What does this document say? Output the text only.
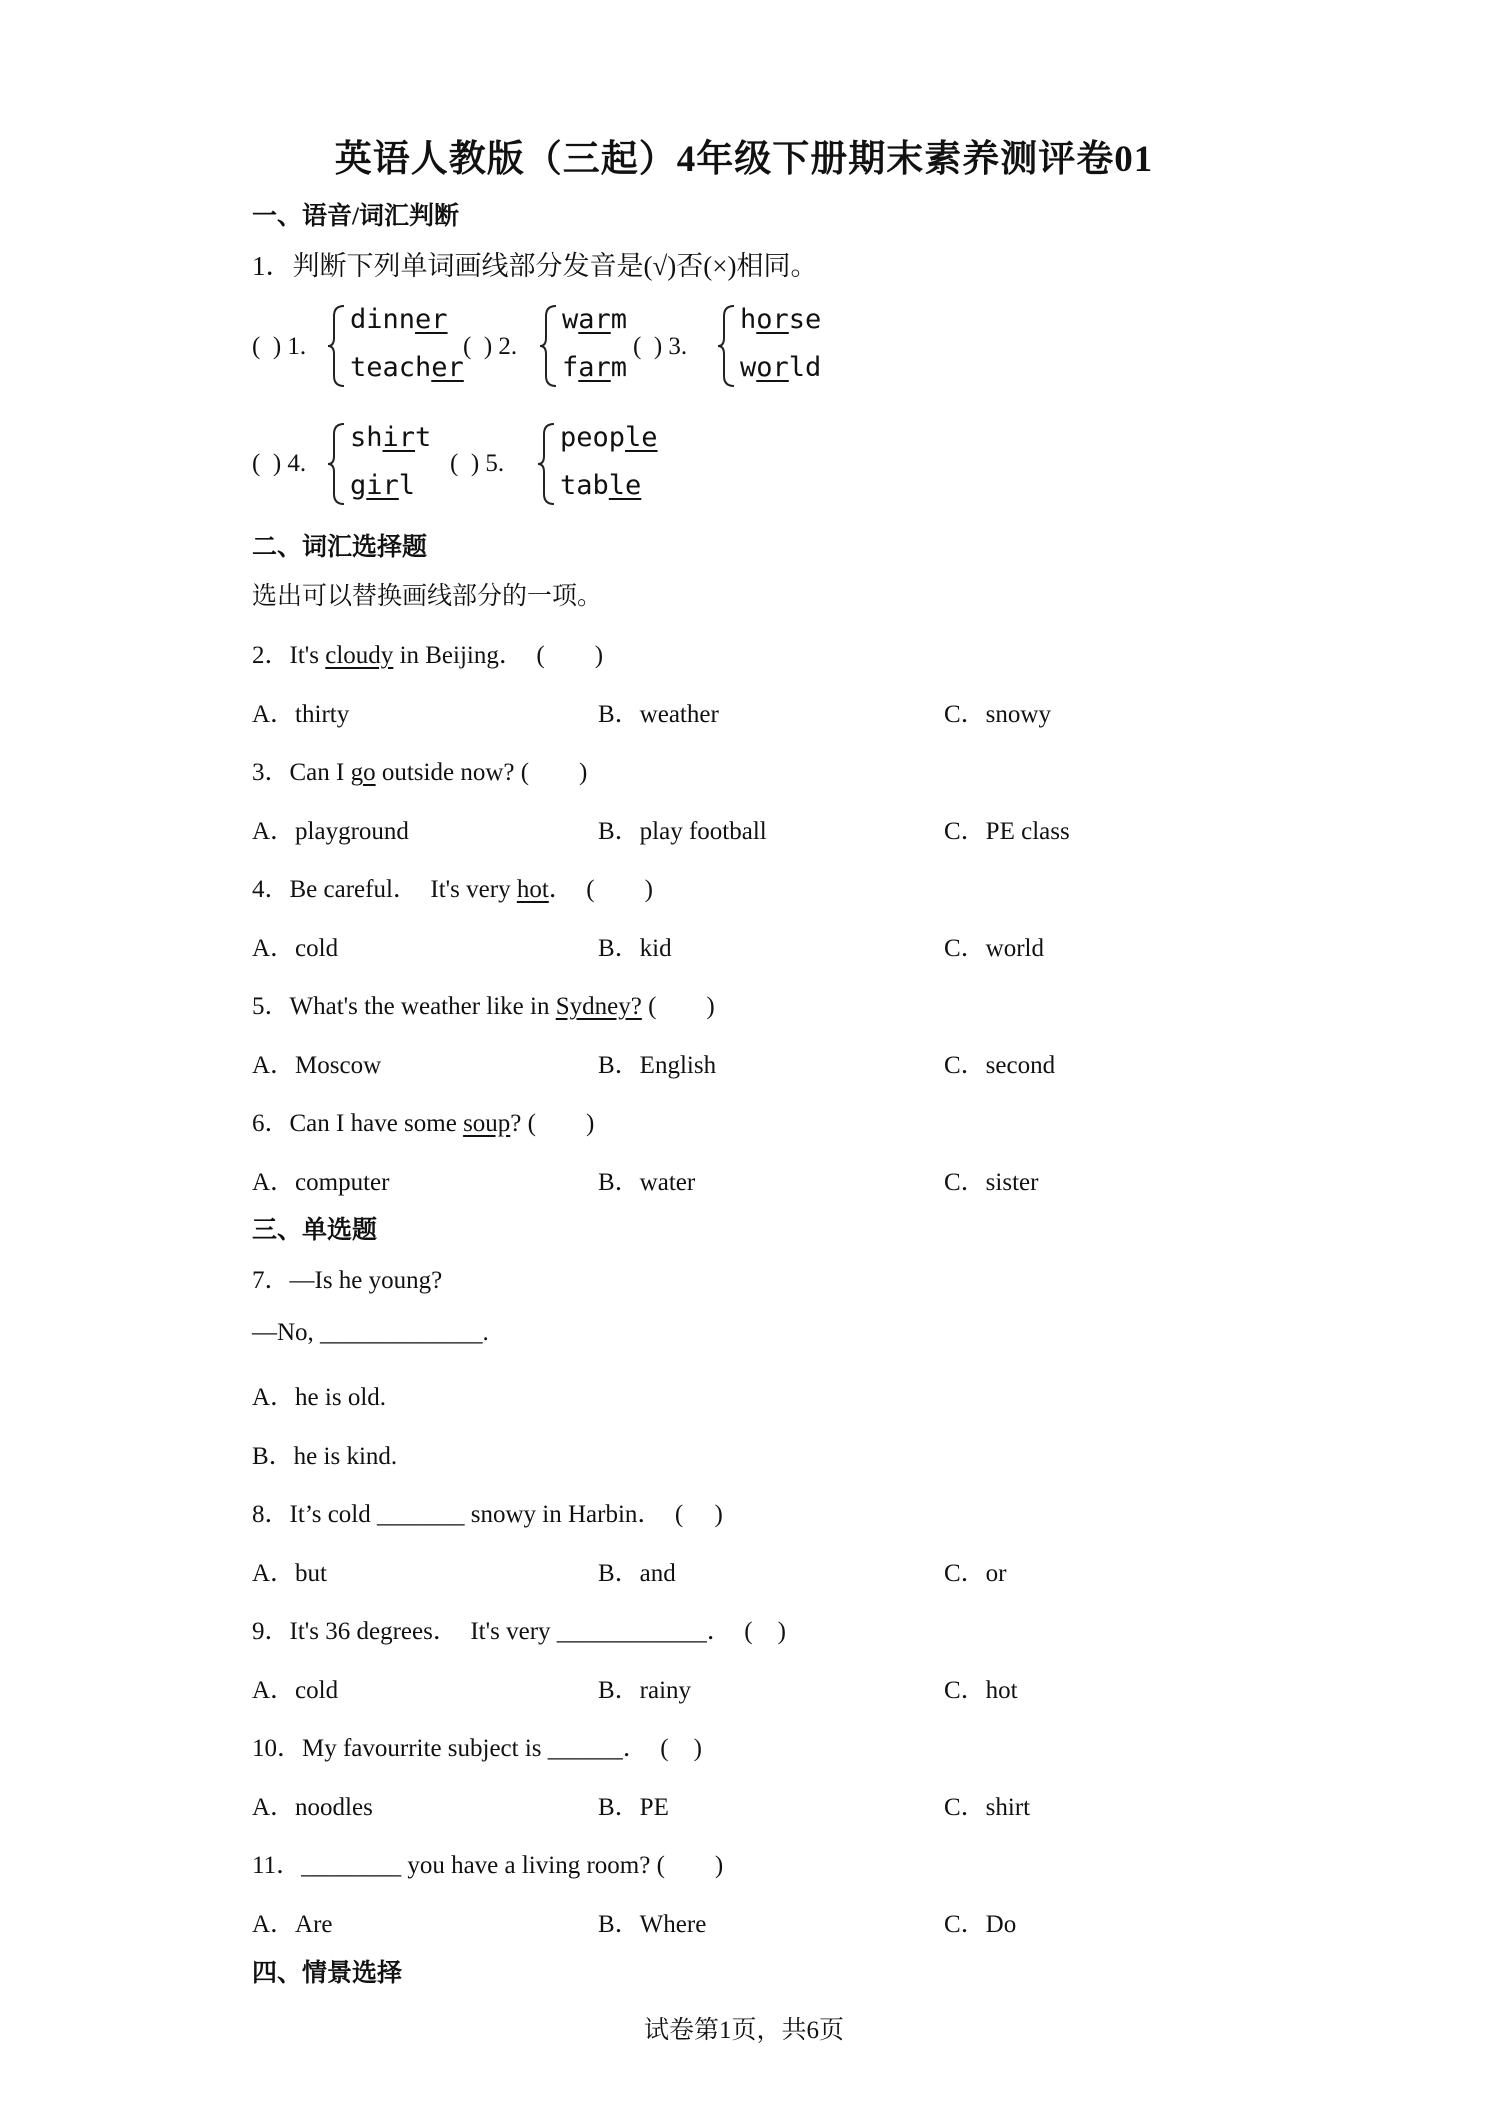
英语人教版（三起）4年级下册期末素养测评卷01
一、语音/词汇判断
1．判断下列单词画线部分发音是(√)否(×)相同。
(  ) 1.
dinner
teacher
(  ) 2.
warm
farm
(  ) 3.
horse
world
(  ) 4.
shirt
girl
(  ) 5.
people
table
二、词汇选择题
选出可以替换画线部分的一项。
2．It's cloudy in Beijing．  (        )
A．thirty	B．weather	C．snowy
3．Can I go outside now? (        )
A．playground	B．play football	C．PE class
4．Be careful．  It's very hot．  (        )
A．cold	B．kid	C．world
5．What's the weather like in Sydney? (        )
A．Moscow	B．English	C．second
6．Can I have some soup? (        )
A．computer	B．water	C．sister
三、单选题
7．—Is he young?
—No, _____________.
A．he is old.
B．he is kind.
8．It’s cold _______ snowy in Harbin．  (     )
A．but	B．and	C．or
9．It's 36 degrees．  It's very ____________．  (    )
A．cold	B．rainy	C．hot
10．My favourrite subject is ______．  (    )
A．noodles	B．PE	C．shirt
11．________ you have a living room? (        )
A．Are	B．Where	C．Do
四、情景选择
试卷第1页，共6页
